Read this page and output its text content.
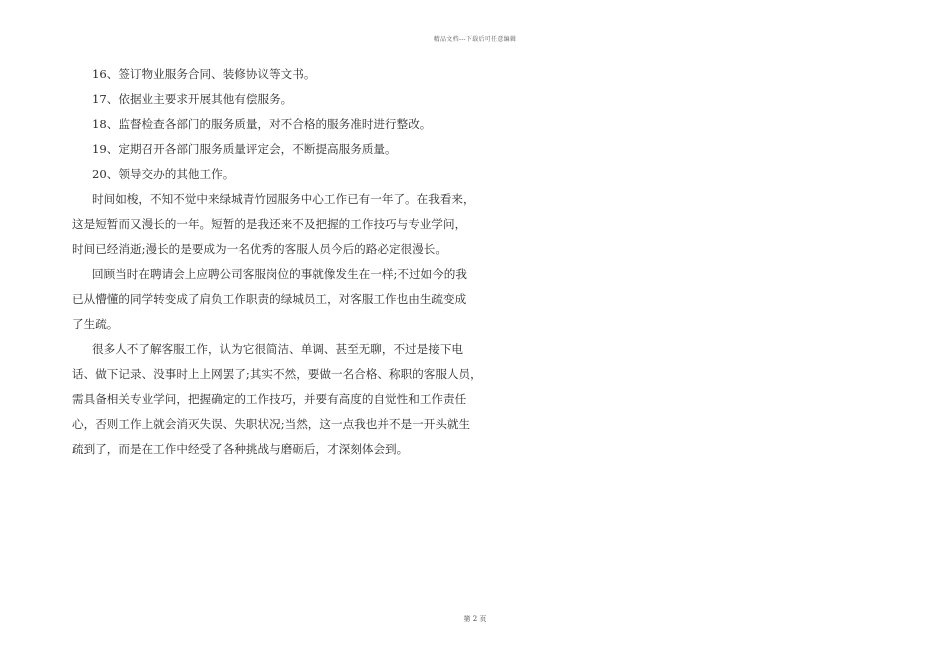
精品文档---下载后可任意编辑
16、签订物业服务合同、装修协议等文书。
17、依据业主要求开展其他有偿服务。
18、监督检查各部门的服务质量，对不合格的服务准时进行整改。
19、定期召开各部门服务质量评定会，不断提高服务质量。
20、领导交办的其他工作。
时间如梭，不知不觉中来绿城青竹园服务中心工作已有一年了。在我看来，
这是短暂而又漫长的一年。短暂的是我还来不及把握的工作技巧与专业学问，
时间已经消逝;漫长的是要成为一名优秀的客服人员今后的路必定很漫长。
回顾当时在聘请会上应聘公司客服岗位的事就像发生在一样;不过如今的我
已从懵懂的同学转变成了肩负工作职责的绿城员工，对客服工作也由生疏变成
了生疏。
很多人不了解客服工作，认为它很简洁、单调、甚至无聊，不过是接下电
话、做下记录、没事时上上网罢了;其实不然，要做一名合格、称职的客服人员，
需具备相关专业学问，把握确定的工作技巧，并要有高度的自觉性和工作责任
心，否则工作上就会消灭失误、失职状况;当然，这一点我也并不是一开头就生
疏到了，而是在工作中经受了各种挑战与磨砺后，才深刻体会到。
第 2 页
